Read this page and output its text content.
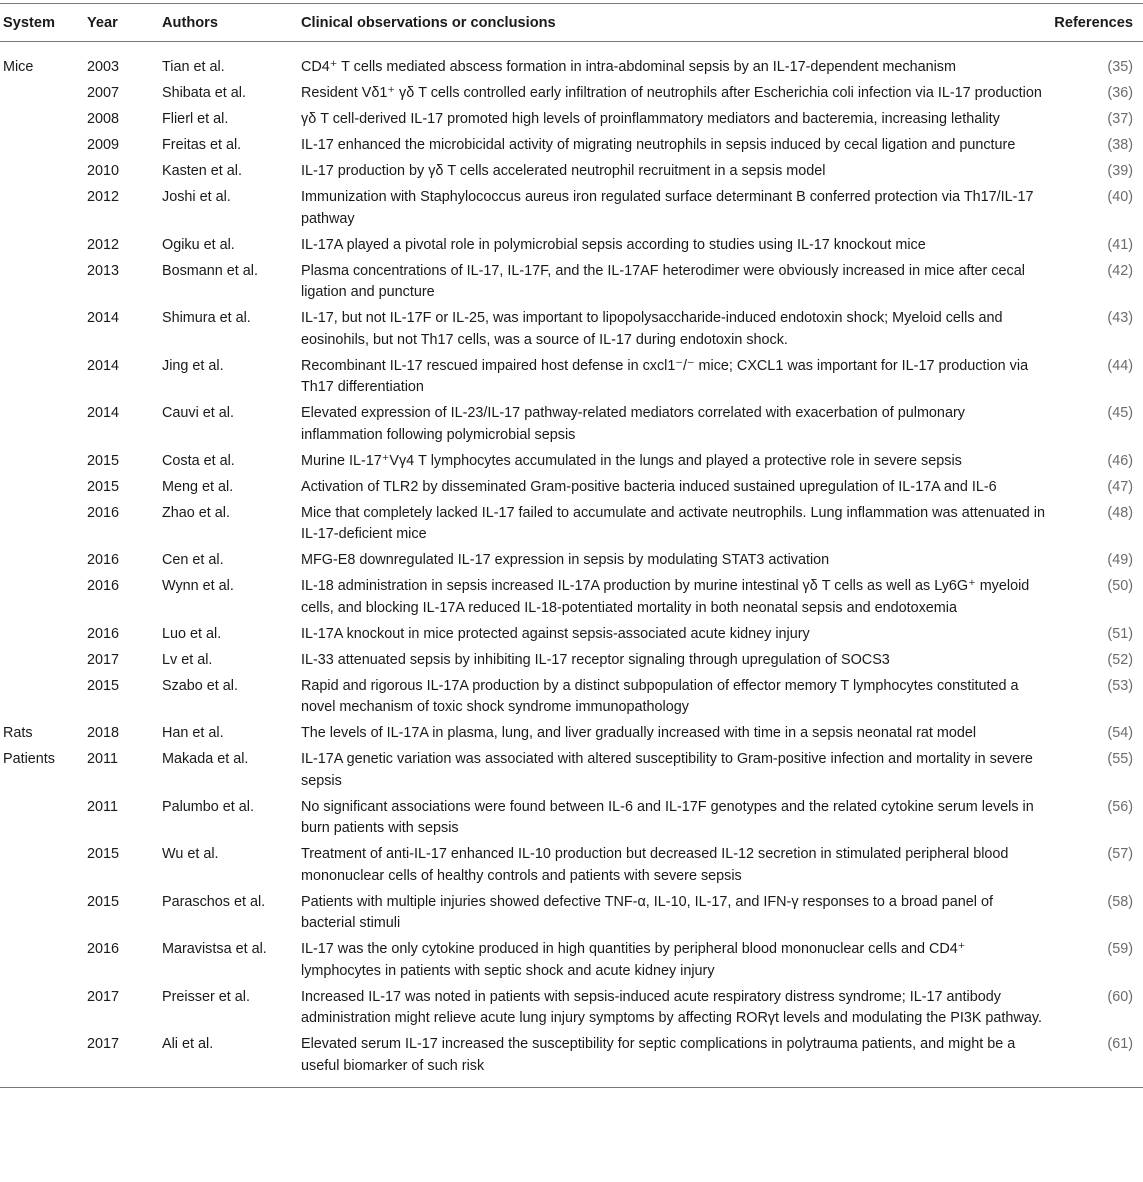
System	Year	Authors	Clinical observations or conclusions	References
Mice	2003	Tian et al.	CD4⁺ T cells mediated abscess formation in intra-abdominal sepsis by an IL-17-dependent mechanism	(35)
	2007	Shibata et al.	Resident Vδ1⁺ γδ T cells controlled early infiltration of neutrophils after Escherichia coli infection via IL-17 production	(36)
	2008	Flierl et al.	γδ T cell-derived IL-17 promoted high levels of proinflammatory mediators and bacteremia, increasing lethality	(37)
	2009	Freitas et al.	IL-17 enhanced the microbicidal activity of migrating neutrophils in sepsis induced by cecal ligation and puncture	(38)
	2010	Kasten et al.	IL-17 production by γδ T cells accelerated neutrophil recruitment in a sepsis model	(39)
	2012	Joshi et al.	Immunization with Staphylococcus aureus iron regulated surface determinant B conferred protection via Th17/IL-17 pathway	(40)
	2012	Ogiku et al.	IL-17A played a pivotal role in polymicrobial sepsis according to studies using IL-17 knockout mice	(41)
	2013	Bosmann et al.	Plasma concentrations of IL-17, IL-17F, and the IL-17AF heterodimer were obviously increased in mice after cecal ligation and puncture	(42)
	2014	Shimura et al.	IL-17, but not IL-17F or IL-25, was important to lipopolysaccharide-induced endotoxin shock; Myeloid cells and eosinohils, but not Th17 cells, was a source of IL-17 during endotoxin shock.	(43)
	2014	Jing et al.	Recombinant IL-17 rescued impaired host defense in cxcl1⁻/⁻ mice; CXCL1 was important for IL-17 production via Th17 differentiation	(44)
	2014	Cauvi et al.	Elevated expression of IL-23/IL-17 pathway-related mediators correlated with exacerbation of pulmonary inflammation following polymicrobial sepsis	(45)
	2015	Costa et al.	Murine IL-17⁺Vγ4 T lymphocytes accumulated in the lungs and played a protective role in severe sepsis	(46)
	2015	Meng et al.	Activation of TLR2 by disseminated Gram-positive bacteria induced sustained upregulation of IL-17A and IL-6	(47)
	2016	Zhao et al.	Mice that completely lacked IL-17 failed to accumulate and activate neutrophils. Lung inflammation was attenuated in IL-17-deficient mice	(48)
	2016	Cen et al.	MFG-E8 downregulated IL-17 expression in sepsis by modulating STAT3 activation	(49)
	2016	Wynn et al.	IL-18 administration in sepsis increased IL-17A production by murine intestinal γδ T cells as well as Ly6G⁺ myeloid cells, and blocking IL-17A reduced IL-18-potentiated mortality in both neonatal sepsis and endotoxemia	(50)
	2016	Luo et al.	IL-17A knockout in mice protected against sepsis-associated acute kidney injury	(51)
	2017	Lv et al.	IL-33 attenuated sepsis by inhibiting IL-17 receptor signaling through upregulation of SOCS3	(52)
	2015	Szabo et al.	Rapid and rigorous IL-17A production by a distinct subpopulation of effector memory T lymphocytes constituted a novel mechanism of toxic shock syndrome immunopathology	(53)
Rats	2018	Han et al.	The levels of IL-17A in plasma, lung, and liver gradually increased with time in a sepsis neonatal rat model	(54)
Patients	2011	Makada et al.	IL-17A genetic variation was associated with altered susceptibility to Gram-positive infection and mortality in severe sepsis	(55)
	2011	Palumbo et al.	No significant associations were found between IL-6 and IL-17F genotypes and the related cytokine serum levels in burn patients with sepsis	(56)
	2015	Wu et al.	Treatment of anti-IL-17 enhanced IL-10 production but decreased IL-12 secretion in stimulated peripheral blood mononuclear cells of healthy controls and patients with severe sepsis	(57)
	2015	Paraschos et al.	Patients with multiple injuries showed defective TNF-α, IL-10, IL-17, and IFN-γ responses to a broad panel of bacterial stimuli	(58)
	2016	Maravistsa et al.	IL-17 was the only cytokine produced in high quantities by peripheral blood mononuclear cells and CD4⁺ lymphocytes in patients with septic shock and acute kidney injury	(59)
	2017	Preisser et al.	Increased IL-17 was noted in patients with sepsis-induced acute respiratory distress syndrome; IL-17 antibody administration might relieve acute lung injury symptoms by affecting RORγt levels and modulating the PI3K pathway.	(60)
	2017	Ali et al.	Elevated serum IL-17 increased the susceptibility for septic complications in polytrauma patients, and might be a useful biomarker of such risk	(61)
